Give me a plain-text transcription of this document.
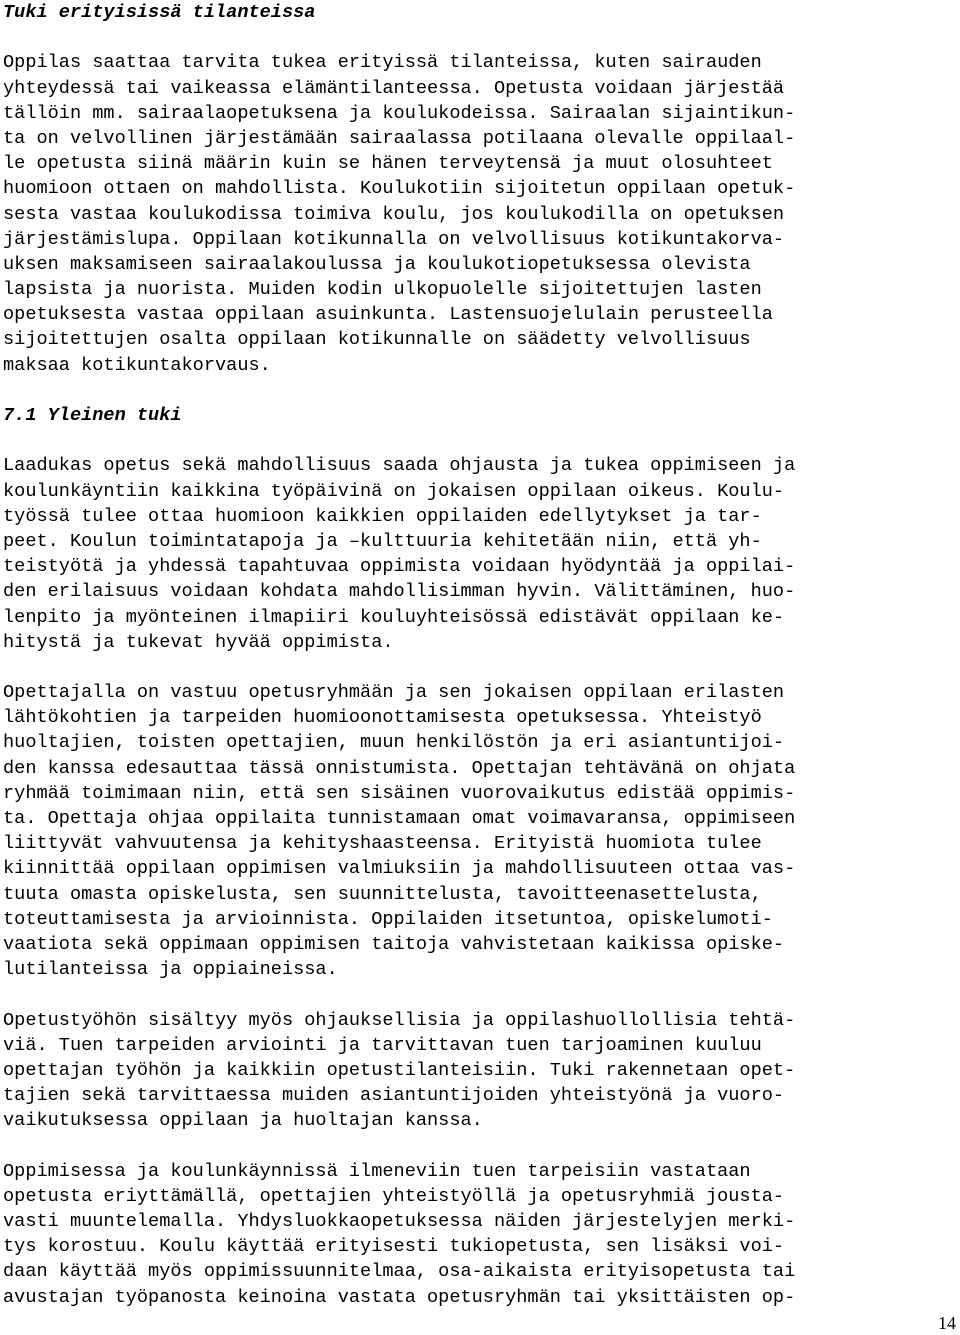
Tuki erityisissä tilanteissa
Oppilas saattaa tarvita tukea erityissä tilanteissa, kuten sairauden
yhteydessä tai vaikeassa elämäntilanteessa. Opetusta voidaan järjestää
tällöin mm. sairaalaopetuksena ja koulukodeissa. Sairaalan sijaintikun-
ta on velvollinen järjestämään sairaalassa potilaana olevalle oppilaal-
le opetusta siinä määrin kuin se hänen terveytensä ja muut olosuhteet
huomioon ottaen on mahdollista. Koulukotiin sijoitetun oppilaan opetuk-
sesta vastaa koulukodissa toimiva koulu, jos koulukodilla on opetuksen
järjestämislupa. Oppilaan kotikunnalla on velvollisuus kotikuntakorva-
uksen maksamiseen sairaalakoulussa ja koulukotiopetuksessa olevista
lapsista ja nuorista. Muiden kodin ulkopuolelle sijoitettujen lasten
opetuksesta vastaa oppilaan asuinkunta. Lastensuojelulain perusteella
sijoitettujen osalta oppilaan kotikunnalle on säädetty velvollisuus
maksaa kotikuntakorvaus.
7.1 Yleinen tuki
Laadukas opetus sekä mahdollisuus saada ohjausta ja tukea oppimiseen ja
koulunkäyntiin kaikkina työpäivinä on jokaisen oppilaan oikeus. Koulu-
työssä tulee ottaa huomioon kaikkien oppilaiden edellytykset ja tar-
peet. Koulun toimintatapoja ja –kulttuuria kehitetään niin, että yh-
teistyötä ja yhdessä tapahtuvaa oppimista voidaan hyödyntää ja oppilai-
den erilaisuus voidaan kohdata mahdollisimman hyvin. Välittäminen, huo-
lenpito ja myönteinen ilmapiiri kouluyhteisössä edistävät oppilaan ke-
hitystä ja tukevat hyvää oppimista.
Opettajalla on vastuu opetusryhmään ja sen jokaisen oppilaan erilasten
lähtökohtien ja tarpeiden huomioonottamisesta opetuksessa. Yhteistyö
huoltajien, toisten opettajien, muun henkilöstön ja eri asiantuntijoi-
den kanssa edesauttaa tässä onnistumista. Opettajan tehtävänä on ohjata
ryhmää toimimaan niin, että sen sisäinen vuorovaikutus edistää oppimis-
ta. Opettaja ohjaa oppilaita tunnistamaan omat voimavaransa, oppimiseen
liittyvät vahvuutensa ja kehityshaasteensa. Erityistä huomiota tulee
kiinnittää oppilaan oppimisen valmiuksiin ja mahdollisuuteen ottaa vas-
tuuta omasta opiskelusta, sen suunnittelusta, tavoitteenasettelusta,
toteuttamisesta ja arvioinnista. Oppilaiden itsetuntoa, opiskelumoti-
vaatiota sekä oppimaan oppimisen taitoja vahvistetaan kaikissa opiske-
lutilanteissa ja oppiaineissa.
Opetustyöhön sisältyy myös ohjauksellisia ja oppilashuollollisia tehtä-
viä. Tuen tarpeiden arviointi ja tarvittavan tuen tarjoaminen kuuluu
opettajan työhön ja kaikkiin opetustilanteisiin. Tuki rakennetaan opet-
tajien sekä tarvittaessa muiden asiantuntijoiden yhteistyönä ja vuoro-
vaikutuksessa oppilaan ja huoltajan kanssa.
Oppimisessa ja koulunkäynnissä ilmeneviin tuen tarpeisiin vastataan
opetusta eriyttämällä, opettajien yhteistyöllä ja opetusryhmiä jousta-
vasti muuntelemalla. Yhdysluokkaopetuksessa näiden järjestelyjen merki-
tys korostuu. Koulu käyttää erityisesti tukiopetusta, sen lisäksi voi-
daan käyttää myös oppimissuunnitelmaa, osa-aikaista erityisopetusta tai
avustajan työpanosta keinoina vastata opetusryhmän tai yksittäisten op-
14
